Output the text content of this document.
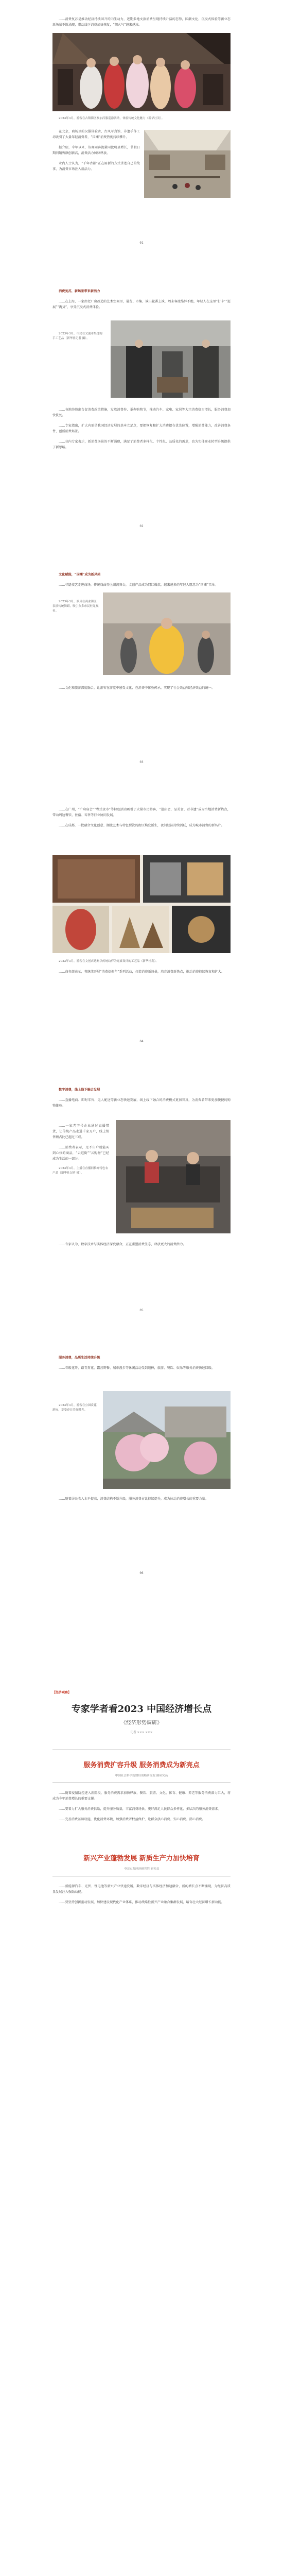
……消费复苏是推动经济持续回升的内生动力，近期多地文旅消费呈现持续升温的态势，国潮文化、沉浸式体验等新业态新场景不断涌现，带动线下消费加快恢复，“烟火气”越来越浓。

2023年3月，游客在古镇街区参加汉服巡游活动，体验传统文化魅力（新华社发）。

在北京，商场里的汉服体验店、古风写真馆、非遗手作工坊吸引了大量年轻消费者，“国潮”消费热度持续攀升。

据介绍，今年以来，该商圈客流量同比明显增长，节假日期间销售额创新高，消费活力加快释放。

业内人士认为，“千年古都”正在用新的方式讲述自己的故事，为消费市场注入新活力。

01

消费复苏，新场景带来新活力

……在上海，一家由老厂房改造的艺术空间里，展览、市集、演出轮番上演，周末客流络绎不绝，年轻人在这里“打卡”“逛展”“淘货”，享受沉浸式消费体验。

2023年3月，市民在文创市集选购手工艺品（新华社记者 摄）。

……各地纷纷出台促消费政策措施，发放消费券、举办购物节，推动汽车、家电、家居等大宗消费稳步增长，服务消费加快恢复。

……专家指出，扩大内需是我国经济发展的基本立足点，要把恢复和扩大消费摆在优先位置，增强消费能力，改善消费条件，创新消费场景。

……业内专家表示，新消费场景的不断涌现，满足了消费者多样化、个性化、品质化的需求，也为实体商业转型升级提供了新思路。

02

文化赋能，“国潮”成为新风尚

……非遗技艺走进商场，传统戏曲登上潮流舞台，文创产品成为网红爆款，越来越多的年轻人愿意为“国潮”买单。

2023年3月，演员在商业街区表演传统舞蹈，吸引众多市民驻足观看。

……文化和旅游深度融合，让游客在游览中感受文化、在消费中体验传承，实现了社会效益和经济效益的统一。

03

……在广州，“广府庙会”“粤式夜市”等特色活动吸引了大量市民游客，“逛庙会、品美食、看非遗”成为当地消费新热点，带动周边餐饮、住宿、零售等行业协同发展。

……在成都，一批融合文化创意、潮流艺术与特色餐饮的街区焕发新生，夜间经济持续活跃，成为城市消费的新名片。

2023年3月，游客在文创店选购以传统纹样为元素设计的工艺品（新华社发）。

……商务部表示，将继续开展“消费提振年”系列活动，打造消费新场景，培育消费新热点，推动消费持续恢复和扩大。

04

数字消费，线上线下融合发展

……直播电商、即时零售、无人配送等新业态快速发展，线上线下融合的消费模式更加普及，为消费者带来更加便捷的购物体验。

……一家老字号企业通过直播带货，让传统产品走进千家万户，线上销售额占比已超过三成。

……消费者表示，足不出户就能买到心仪的商品，“云逛街”“云购物”已经成为生活的一部分。

2023年3月，主播在直播间推介特色农产品（新华社记者 摄）。

……专家认为，数字技术与实体经济深度融合，正在重塑消费生态，释放更大的消费潜力。

05

服务消费，品质生活持续升级

……春暖花开，踏青赏花、露营野餐、城市漫步等休闲活动受到追捧，旅游、餐饮、娱乐等服务消费快速回暖。

2023年3月，游客在公园赏花游玩，享受春日美好时光。

……随着居民收入水平提高，消费结构不断升级，服务消费占比持续提升，成为拉动消费增长的重要力量。

06
【经济观察】
专家学者看2023 中国经济增长点
《经济形势调研》
记者 ××× ×××
服务消费扩容升级 服务消费成为新亮点
中国社会科学院财经战略研究院 副研究员

……随着疫情防控进入新阶段，服务消费需求加快释放，餐饮、旅游、文化、体育、健康、养老等服务消费潜力巨大，将成为今年消费增长的重要支撑。

……要着力扩大服务消费供给，提升服务质量，丰富消费场景，更好满足人民群众多样化、多层次的服务消费需求。

……完善消费基础设施，优化消费环境，加强消费者权益保护，让群众放心消费、安心消费、舒心消费。

新兴产业蓬勃发展 新质生产力加快培育
中国宏观经济研究院 研究员

……新能源汽车、光伏、锂电池等新兴产业快速发展，数字经济与实体经济加速融合，新的增长点不断涌现，为经济高质量发展注入强劲动能。

……要坚持创新驱动发展，加快建设现代化产业体系，推动战略性新兴产业融合集群发展，培育壮大经济增长新动能。
